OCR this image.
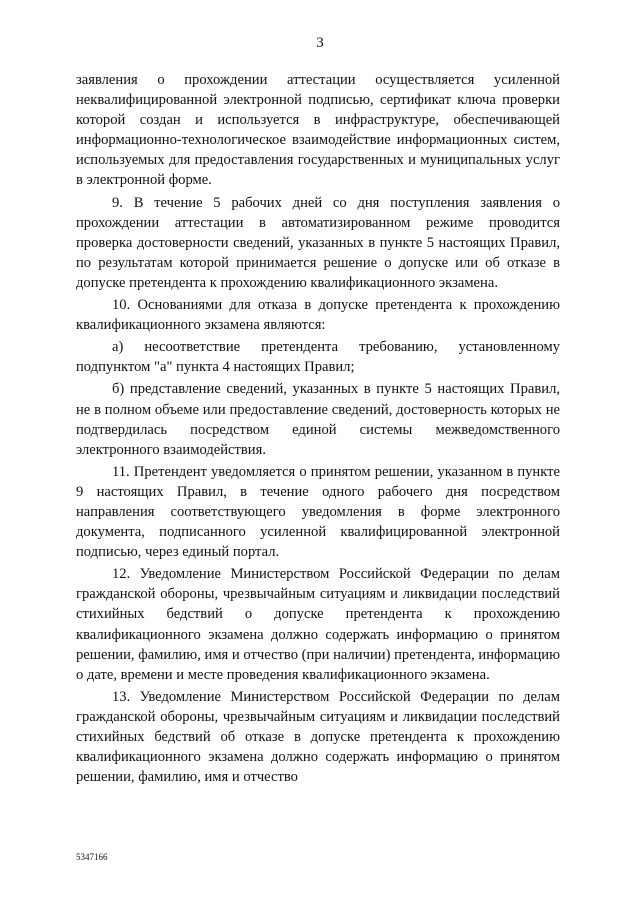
3

заявления о прохождении аттестации осуществляется усиленной неквалифицированной электронной подписью, сертификат ключа проверки которой создан и используется в инфраструктуре, обеспечивающей информационно-технологическое взаимодействие информационных систем, используемых для предоставления государственных и муниципальных услуг в электронной форме.

9. В течение 5 рабочих дней со дня поступления заявления о прохождении аттестации в автоматизированном режиме проводится проверка достоверности сведений, указанных в пункте 5 настоящих Правил, по результатам которой принимается решение о допуске или об отказе в допуске претендента к прохождению квалификационного экзамена.

10. Основаниями для отказа в допуске претендента к прохождению квалификационного экзамена являются:

а) несоответствие претендента требованию, установленному подпунктом "а" пункта 4 настоящих Правил;

б) представление сведений, указанных в пункте 5 настоящих Правил, не в полном объеме или предоставление сведений, достоверность которых не подтвердилась посредством единой системы межведомственного электронного взаимодействия.

11. Претендент уведомляется о принятом решении, указанном в пункте 9 настоящих Правил, в течение одного рабочего дня посредством направления соответствующего уведомления в форме электронного документа, подписанного усиленной квалифицированной электронной подписью, через единый портал.

12. Уведомление Министерством Российской Федерации по делам гражданской обороны, чрезвычайным ситуациям и ликвидации последствий стихийных бедствий о допуске претендента к прохождению квалификационного экзамена должно содержать информацию о принятом решении, фамилию, имя и отчество (при наличии) претендента, информацию о дате, времени и месте проведения квалификационного экзамена.

13. Уведомление Министерством Российской Федерации по делам гражданской обороны, чрезвычайным ситуациям и ликвидации последствий стихийных бедствий об отказе в допуске претендента к прохождению квалификационного экзамена должно содержать информацию о принятом решении, фамилию, имя и отчество

5347166
